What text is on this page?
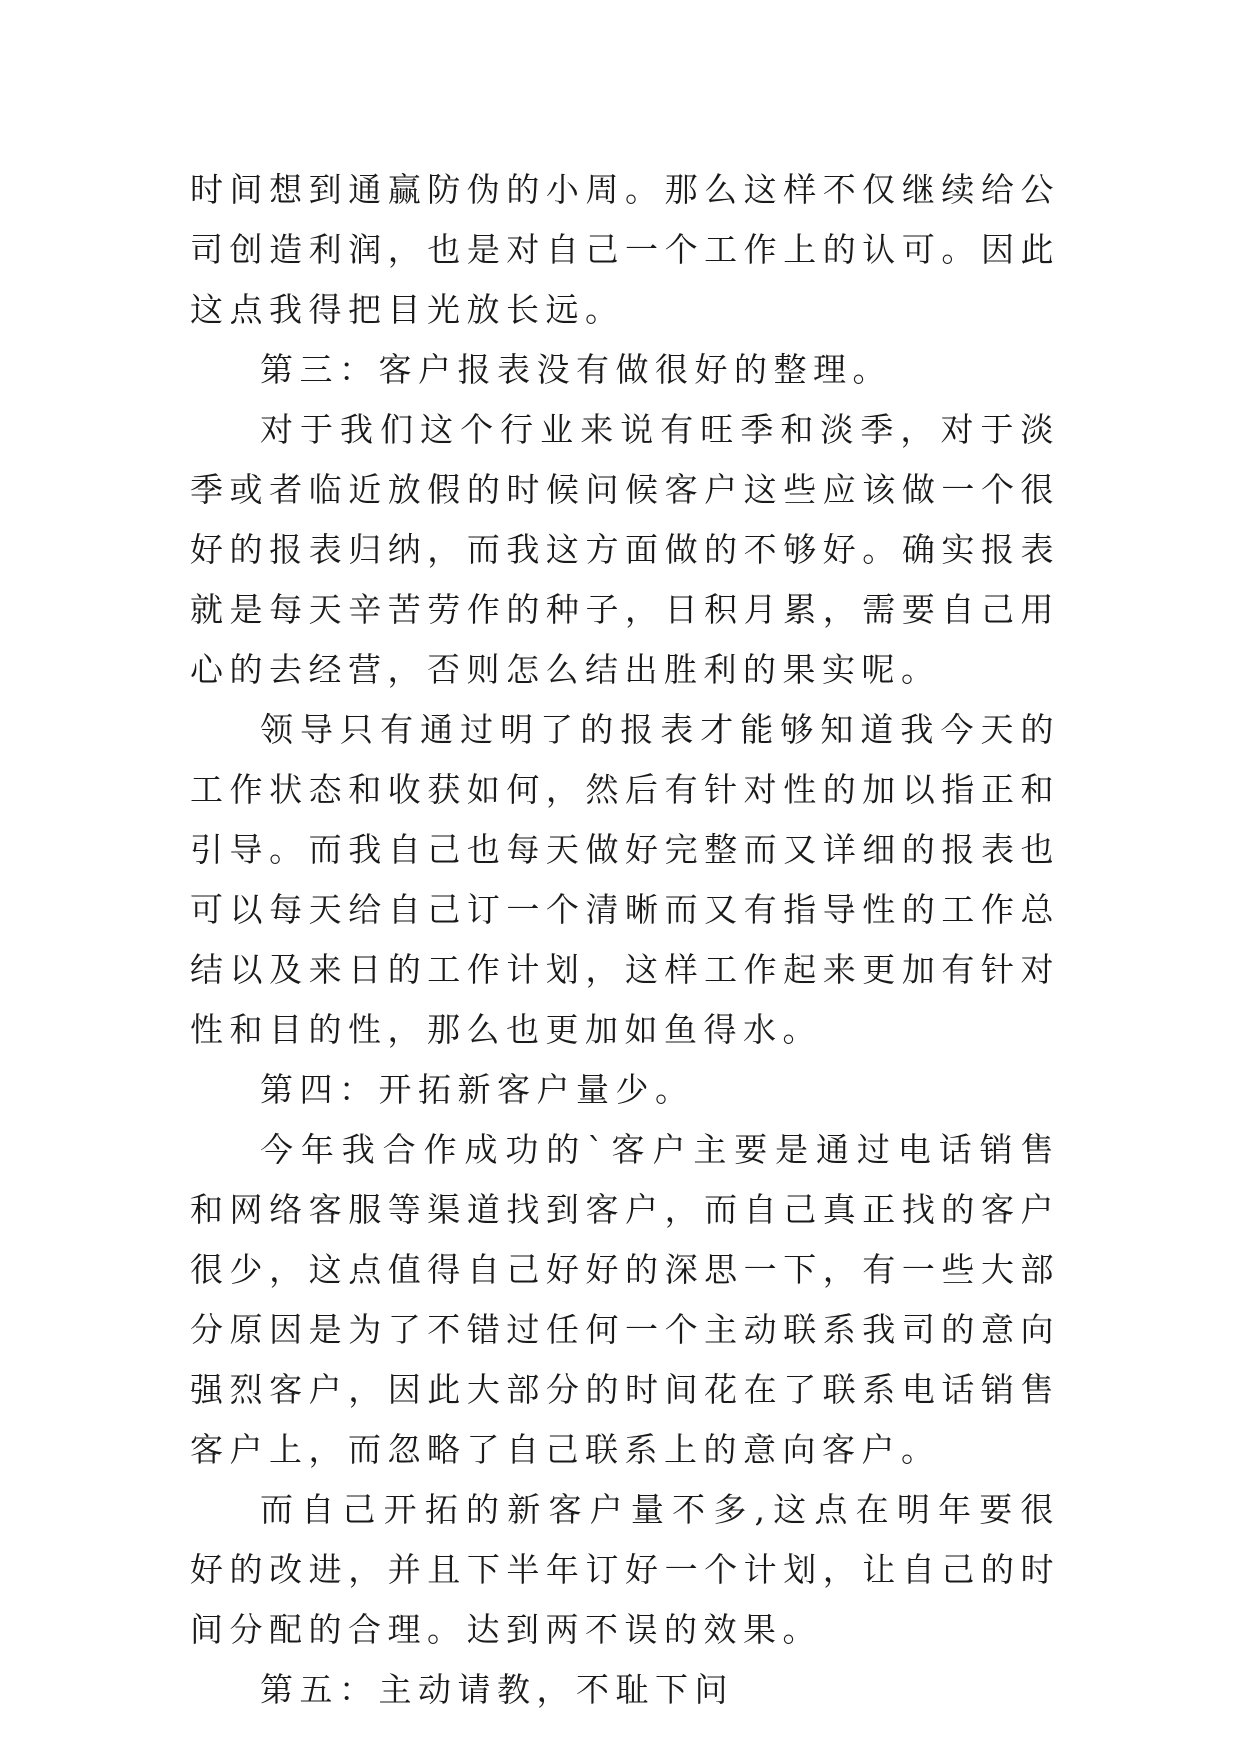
时间想到通赢防伪的小周。那么这样不仅继续给公司创造利润，也是对自己一个工作上的认可。因此这点我得把目光放长远。

第三：客户报表没有做很好的整理。

对于我们这个行业来说有旺季和淡季，对于淡季或者临近放假的时候问候客户这些应该做一个很好的报表归纳，而我这方面做的不够好。确实报表就是每天辛苦劳作的种子，日积月累，需要自己用心的去经营，否则怎么结出胜利的果实呢。

领导只有通过明了的报表才能够知道我今天的工作状态和收获如何，然后有针对性的加以指正和引导。而我自己也每天做好完整而又详细的报表也可以每天给自己订一个清晰而又有指导性的工作总结以及来日的工作计划，这样工作起来更加有针对性和目的性，那么也更加如鱼得水。

第四：开拓新客户量少。

今年我合作成功的`客户主要是通过电话销售和网络客服等渠道找到客户，而自己真正找的客户很少，这点值得自己好好的深思一下，有一些大部分原因是为了不错过任何一个主动联系我司的意向强烈客户，因此大部分的时间花在了联系电话销售客户上，而忽略了自己联系上的意向客户。

而自己开拓的新客户量不多,这点在明年要很好的改进，并且下半年订好一个计划，让自己的时间分配的合理。达到两不误的效果。

第五：主动请教，不耻下问
